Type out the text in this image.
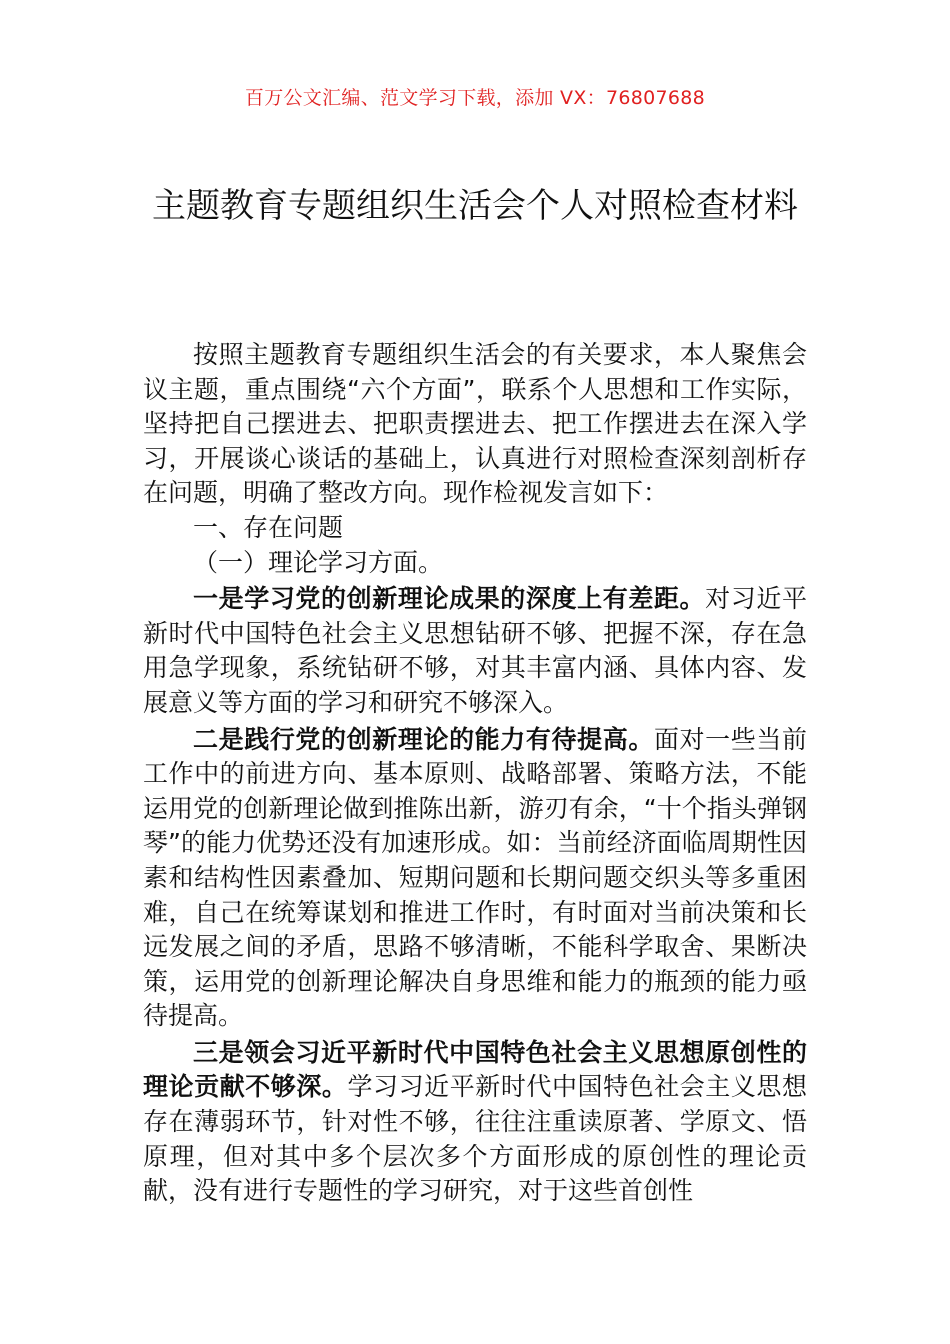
百万公文汇编、范文学习下载，添加 VX：76807688
主题教育专题组织生活会个人对照检查材料

按照主题教育专题组织生活会的有关要求，本人聚焦会议主题，重点围绕“六个方面”，联系个人思想和工作实际，坚持把自己摆进去、把职责摆进去、把工作摆进去在深入学习，开展谈心谈话的基础上，认真进行对照检查深刻剖析存在问题，明确了整改方向。现作检视发言如下：

一、存在问题

（一）理论学习方面。

一是学习党的创新理论成果的深度上有差距。对习近平新时代中国特色社会主义思想钻研不够、把握不深，存在急用急学现象，系统钻研不够，对其丰富内涵、具体内容、发展意义等方面的学习和研究不够深入。

二是践行党的创新理论的能力有待提高。面对一些当前工作中的前进方向、基本原则、战略部署、策略方法，不能运用党的创新理论做到推陈出新，游刃有余，“十个指头弹钢琴”的能力优势还没有加速形成。如：当前经济面临周期性因素和结构性因素叠加、短期问题和长期问题交织头等多重困难，自己在统筹谋划和推进工作时，有时面对当前决策和长远发展之间的矛盾，思路不够清晰，不能科学取舍、果断决策，运用党的创新理论解决自身思维和能力的瓶颈的能力亟待提高。

三是领会习近平新时代中国特色社会主义思想原创性的理论贡献不够深。学习习近平新时代中国特色社会主义思想存在薄弱环节，针对性不够，往往注重读原著、学原文、悟原理，但对其中多个层次多个方面形成的原创性的理论贡献，没有进行专题性的学习研究，对于这些首创性
